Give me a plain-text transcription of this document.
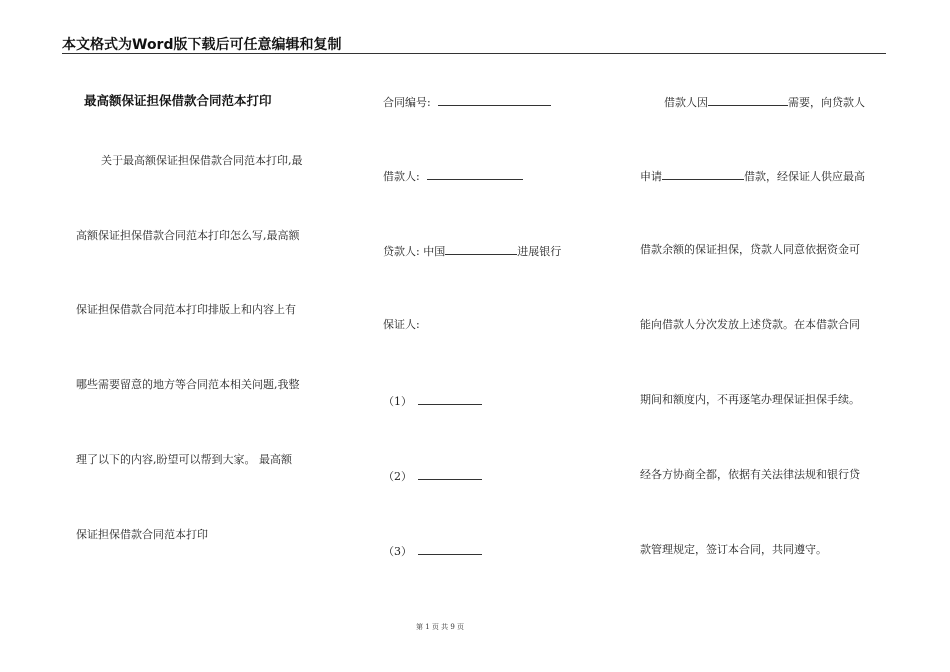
本文格式为Word版下载后可任意编辑和复制
最高额保证担保借款合同范本打印
关于最高额保证担保借款合同范本打印,最
高额保证担保借款合同范本打印怎么写,最高额
保证担保借款合同范本打印排版上和内容上有
哪些需要留意的地方等合同范本相关问题,我整
理了以下的内容,盼望可以帮到大家。 最高额
保证担保借款合同范本打印
合同编号:
借款人:
贷款人: 中国	进展银行
保证人:
（1）
（2）
（3）
借款人因	需要，向贷款人
申请	借款，经保证人供应最高
借款余额的保证担保，贷款人同意依据资金可
能向借款人分次发放上述贷款。在本借款合同
期间和额度内，不再逐笔办理保证担保手续。
经各方协商全都，依据有关法律法规和银行贷
款管理规定，签订本合同，共同遵守。
第 1 页 共 9 页
